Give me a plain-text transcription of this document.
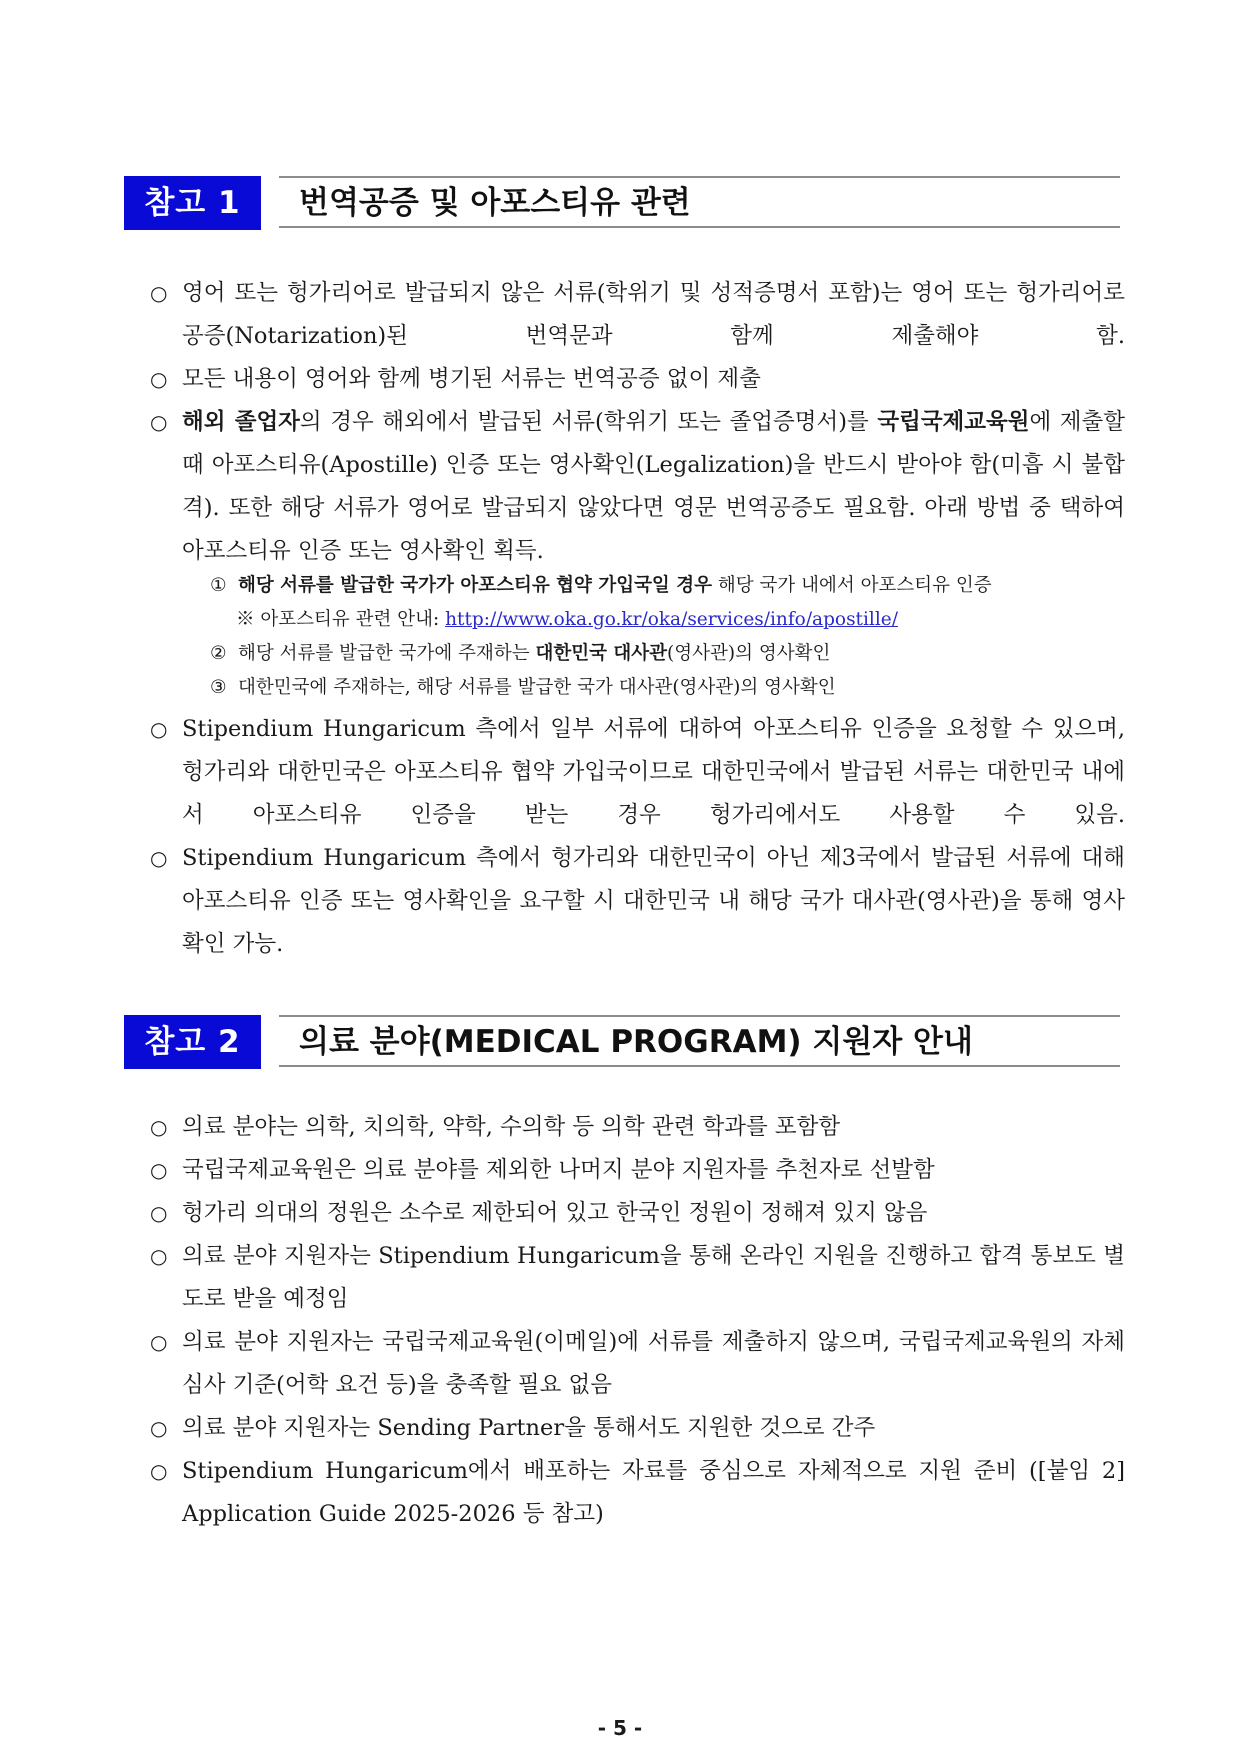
참고 1	번역공증 및 아포스티유 관련
○ 영어 또는 헝가리어로 발급되지 않은 서류(학위기 및 성적증명서 포함)는 영어 또는 헝가리어로 공증(Notarization)된 번역문과 함께 제출해야 함.
○ 모든 내용이 영어와 함께 병기된 서류는 번역공증 없이 제출
○ 해외 졸업자의 경우 해외에서 발급된 서류(학위기 또는 졸업증명서)를 국립국제교육원에 제출할 때 아포스티유(Apostille) 인증 또는 영사확인(Legalization)을 반드시 받아야 함(미흡 시 불합격). 또한 해당 서류가 영어로 발급되지 않았다면 영문 번역공증도 필요함. 아래 방법 중 택하여 아포스티유 인증 또는 영사확인 획득.
① 해당 서류를 발급한 국가가 아포스티유 협약 가입국일 경우 해당 국가 내에서 아포스티유 인증
※ 아포스티유 관련 안내: http://www.oka.go.kr/oka/services/info/apostille/
② 해당 서류를 발급한 국가에 주재하는 대한민국 대사관(영사관)의 영사확인
③ 대한민국에 주재하는, 해당 서류를 발급한 국가 대사관(영사관)의 영사확인
○ Stipendium Hungaricum 측에서 일부 서류에 대하여 아포스티유 인증을 요청할 수 있으며, 헝가리와 대한민국은 아포스티유 협약 가입국이므로 대한민국에서 발급된 서류는 대한민국 내에서 아포스티유 인증을 받는 경우 헝가리에서도 사용할 수 있음.
○ Stipendium Hungaricum 측에서 헝가리와 대한민국이 아닌 제3국에서 발급된 서류에 대해 아포스티유 인증 또는 영사확인을 요구할 시 대한민국 내 해당 국가 대사관(영사관)을 통해 영사확인 가능.
참고 2	의료 분야(MEDICAL PROGRAM) 지원자 안내
○ 의료 분야는 의학, 치의학, 약학, 수의학 등 의학 관련 학과를 포함함
○ 국립국제교육원은 의료 분야를 제외한 나머지 분야 지원자를 추천자로 선발함
○ 헝가리 의대의 정원은 소수로 제한되어 있고 한국인 정원이 정해져 있지 않음
○ 의료 분야 지원자는 Stipendium Hungaricum을 통해 온라인 지원을 진행하고 합격 통보도 별도로 받을 예정임
○ 의료 분야 지원자는 국립국제교육원(이메일)에 서류를 제출하지 않으며, 국립국제교육원의 자체 심사 기준(어학 요건 등)을 충족할 필요 없음
○ 의료 분야 지원자는 Sending Partner을 통해서도 지원한 것으로 간주
○ Stipendium Hungaricum에서 배포하는 자료를 중심으로 자체적으로 지원 준비 ([붙임 2] Application Guide 2025-2026 등 참고)
- 5 -
